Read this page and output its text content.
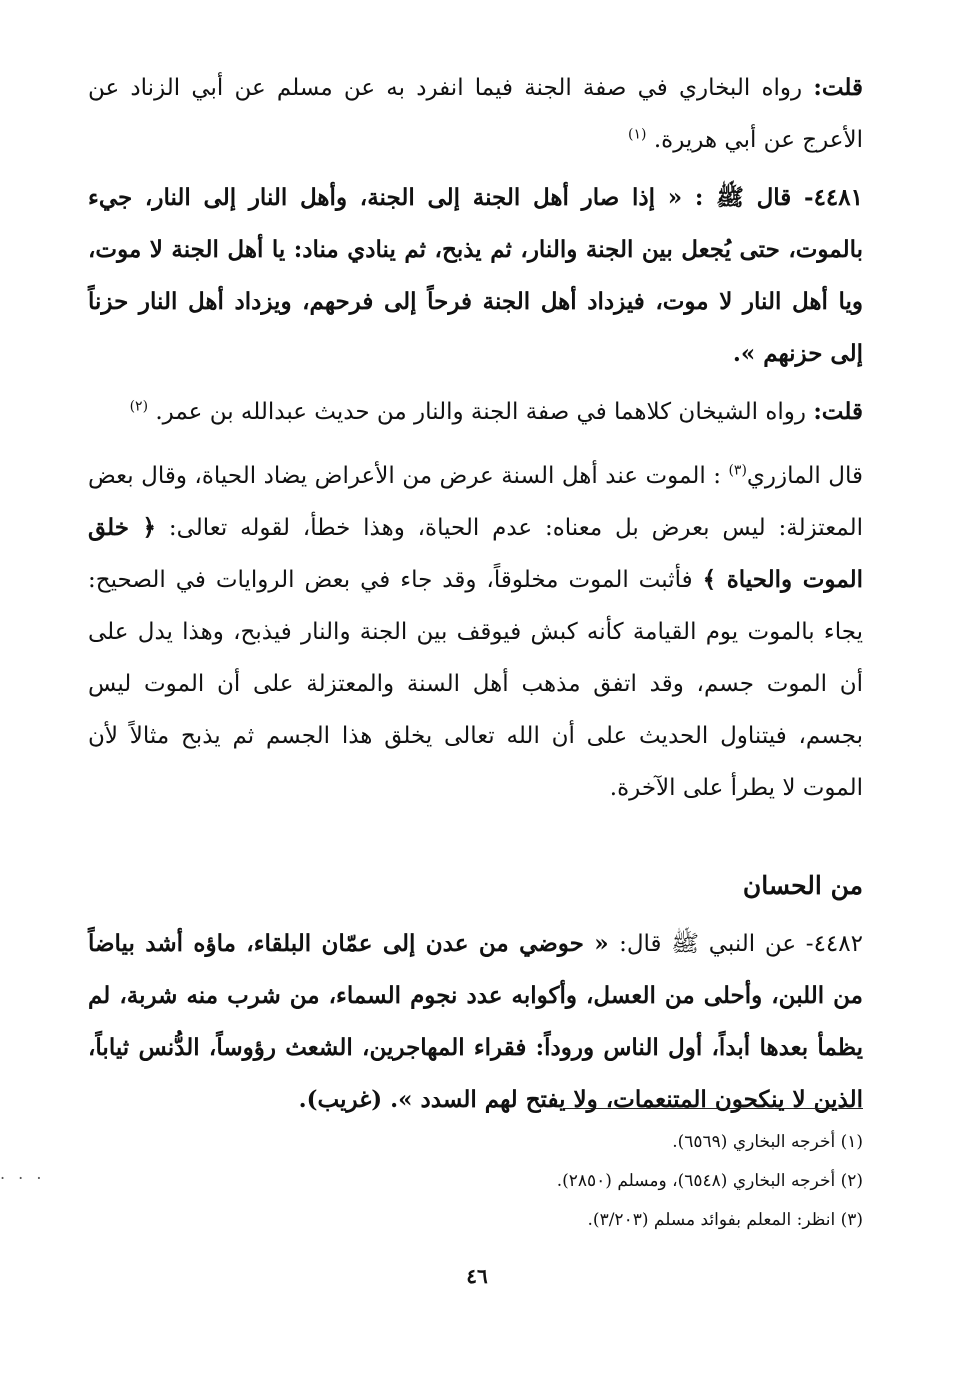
قلت: رواه البخاري في صفة الجنة فيما انفرد به عن مسلم عن أبي الزناد عن الأعرج عن أبي هريرة. $^{(١)}$

٤٤٨١- قال ﷺ : « إذا صار أهل الجنة إلى الجنة، وأهل النار إلى النار، جيء بالموت، حتى يُجعل بين الجنة والنار، ثم يذبح، ثم ينادي مناد: يا أهل الجنة لا موت، ويا أهل النار لا موت، فيزداد أهل الجنة فرحاً إلى فرحهم، ويزداد أهل النار حزناً إلى حزنهم ».

قلت: رواه الشيخان كلاهما في صفة الجنة والنار من حديث عبدالله بن عمر. $^{(٢)}$

قال المازري$^{(٣)}$ : الموت عند أهل السنة عرض من الأعراض يضاد الحياة، وقال بعض المعتزلة: ليس بعرض بل معناه: عدم الحياة، وهذا خطأ، لقوله تعالى: ﴿ خلق الموت والحياة ﴾ فأثبت الموت مخلوقاً، وقد جاء في بعض الروايات في الصحيح: يجاء بالموت يوم القيامة كأنه كبش فيوقف بين الجنة والنار فيذبح، وهذا يدل على أن الموت جسم، وقد اتفق مذهب أهل السنة والمعتزلة على أن الموت ليس بجسم، فيتناول الحديث على أن الله تعالى يخلق هذا الجسم ثم يذبح مثالاً لأن الموت لا يطرأ على الآخرة.

من الحسان

٤٤٨٢- عن النبي ﷺ قال: « حوضي من عدن إلى عمّان البلقاء، ماؤه أشد بياضاً من اللبن، وأحلى من العسل، وأكوابه عدد نجوم السماء، من شرب منه شربة، لم يظمأ بعدها أبداً، أول الناس وروداً: فقراء المهاجرين، الشعث رؤوساً، الدُّنس ثياباً، الذين لا ينكحون المتنعمات، ولا يفتح لهم السدد ». (غريب).

. . .

(١) أخرجه البخاري (٦٥٦٩).

(٢) أخرجه البخاري (٦٥٤٨)، ومسلم (٢٨٥٠).

(٣) انظر: المعلم بفوائد مسلم (٣/٢٠٣).

٤٦
